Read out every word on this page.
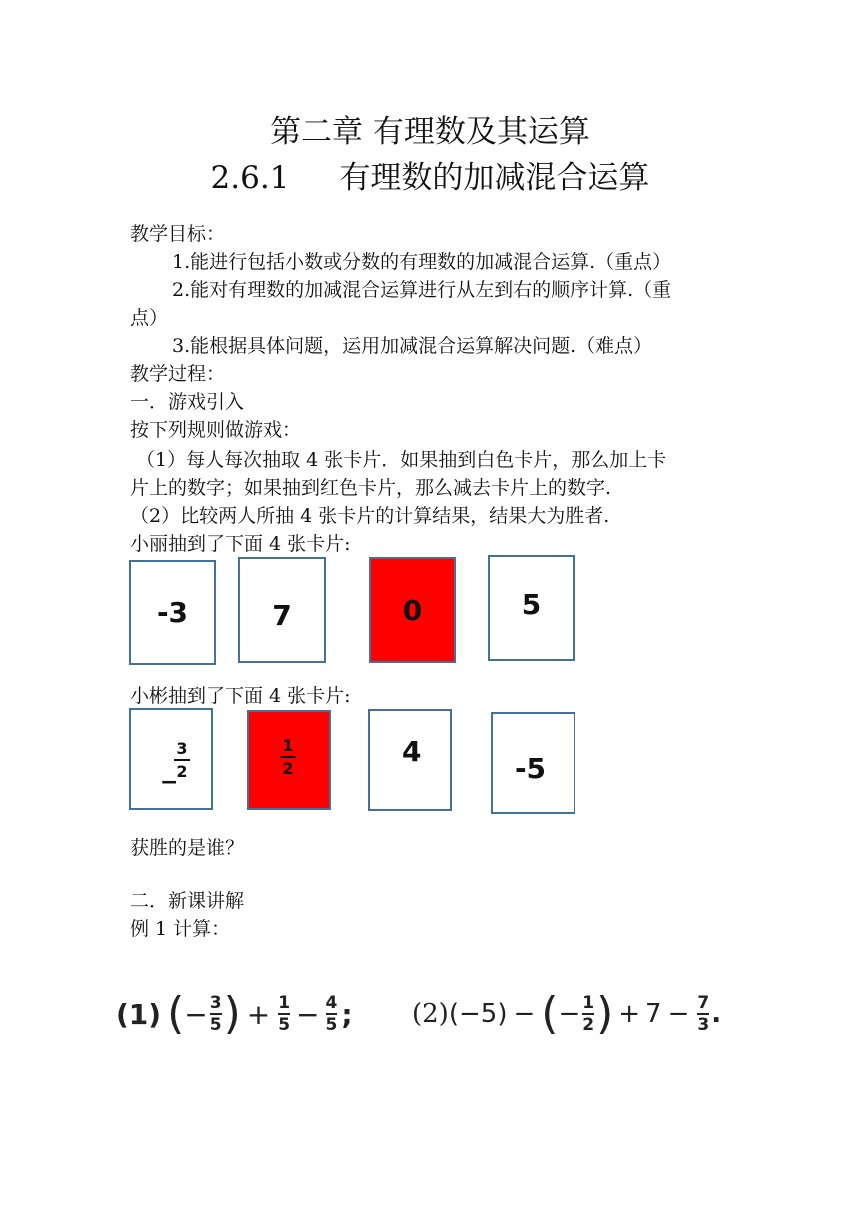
第二章 有理数及其运算
2.6.1 有理数的加减混合运算
教学目标：
1.能进行包括小数或分数的有理数的加减混合运算.（重点）
2.能对有理数的加减混合运算进行从左到右的顺序计算.（重
点）
3.能根据具体问题，运用加减混合运算解决问题.（难点）
教学过程：
一．游戏引入
按下列规则做游戏：
（1）每人每次抽取 4 张卡片．如果抽到白色卡片，那么加上卡
片上的数字；如果抽到红色卡片，那么减去卡片上的数字.
（2）比较两人所抽 4 张卡片的计算结果，结果大为胜者.
小丽抽到了下面 4 张卡片:
-3	7	0	5
小彬抽到了下面 4 张卡片:
−
3
2
1
2	4	-5
获胜的是谁？
二．新课讲解
例 1 计算：
(1) ( − 3
5 ) + 1
5 − 4
5 ; (2) (−5) − ( − 1
2 ) + 7 − 7
3 .
